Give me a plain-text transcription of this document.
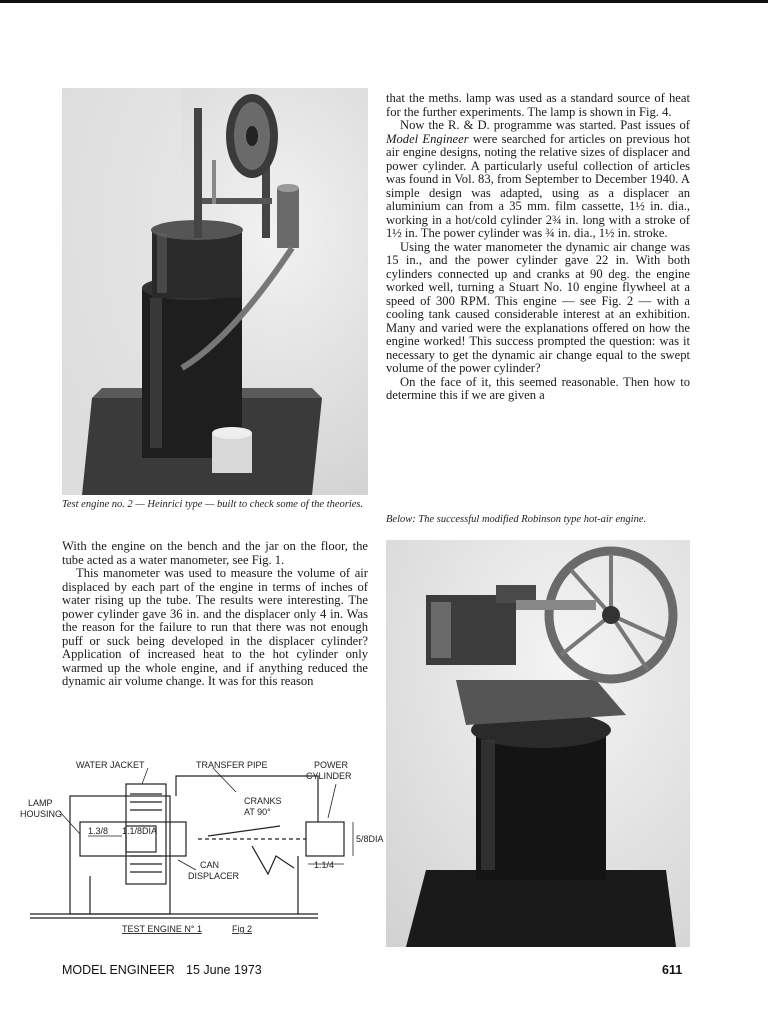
Test engine no. 2 — Heinrici type — built to check some of the theories.

With the engine on the bench and the jar on the floor, the tube acted as a water manometer, see Fig. 1.

This manometer was used to measure the volume of air displaced by each part of the engine in terms of inches of water rising up the tube. The results were interesting. The power cylinder gave 36 in. and the displacer only 4 in. Was the reason for the failure to run that there was not enough puff or suck being developed in the displacer cylinder? Application of increased heat to the hot cylinder only warmed up the whole engine, and if anything reduced the dynamic air volume change. It was for this reason

that the meths. lamp was used as a standard source of heat for the further experiments. The lamp is shown in Fig. 4.

Now the R. & D. programme was started. Past issues of Model Engineer were searched for articles on previous hot air engine designs, noting the relative sizes of displacer and power cylinder. A particularly useful collection of articles was found in Vol. 83, from September to December 1940. A simple design was adapted, using as a displacer an aluminium can from a 35 mm. film cassette, 1½ in. dia., working in a hot/cold cylinder 2¾ in. long with a stroke of 1½ in. The power cylinder was ¾ in. dia., 1½ in. stroke.

Using the water manometer the dynamic air change was 15 in., and the power cylinder gave 22 in. With both cylinders connected up and cranks at 90 deg. the engine worked well, turning a Stuart No. 10 engine flywheel at a speed of 300 RPM. This engine — see Fig. 2 — with a cooling tank caused considerable interest at an exhibition. Many and varied were the explanations offered on how the engine worked! This success prompted the question: was it necessary to get the dynamic air change equal to the swept volume of the power cylinder?

On the face of it, this seemed reasonable. Then how to determine this if we are given a

Below: The successful modified Robinson type hot-air engine.
WATER JACKET	TRANSFER PIPE	POWER
CYLINDER
LAMP
HOUSING
1.3/8 1.1/8DIA
CRANKS
AT 90°
5/8DIA
1.1/4
CAN
DISPLACER
TEST ENGINE N° 1	Fig 2
MODEL ENGINEER 15 June 1973	611
